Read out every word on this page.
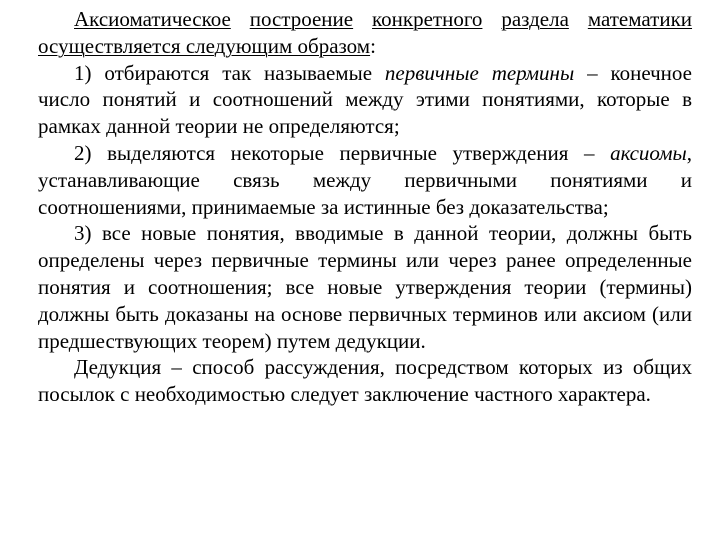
Аксиоматическое построение конкретного раздела математики осуществляется следующим образом:

1) отбираются так называемые первичные термины – конечное число понятий и соотношений между этими понятиями, которые в рамках данной теории не определяются;

2) выделяются некоторые первичные утверждения – аксиомы, устанавливающие связь между первичными понятиями и соотношениями, принимаемые за истинные без доказательства;

3) все новые понятия, вводимые в данной теории, должны быть определены через первичные термины или через ранее определенные понятия и соотношения; все новые утверждения теории (термины) должны быть доказаны на основе первичных терминов или аксиом (или предшествующих теорем) путем дедукции.

Дедукция – способ рассуждения, посредством которых из общих посылок с необходимостью следует заключение частного характера.
